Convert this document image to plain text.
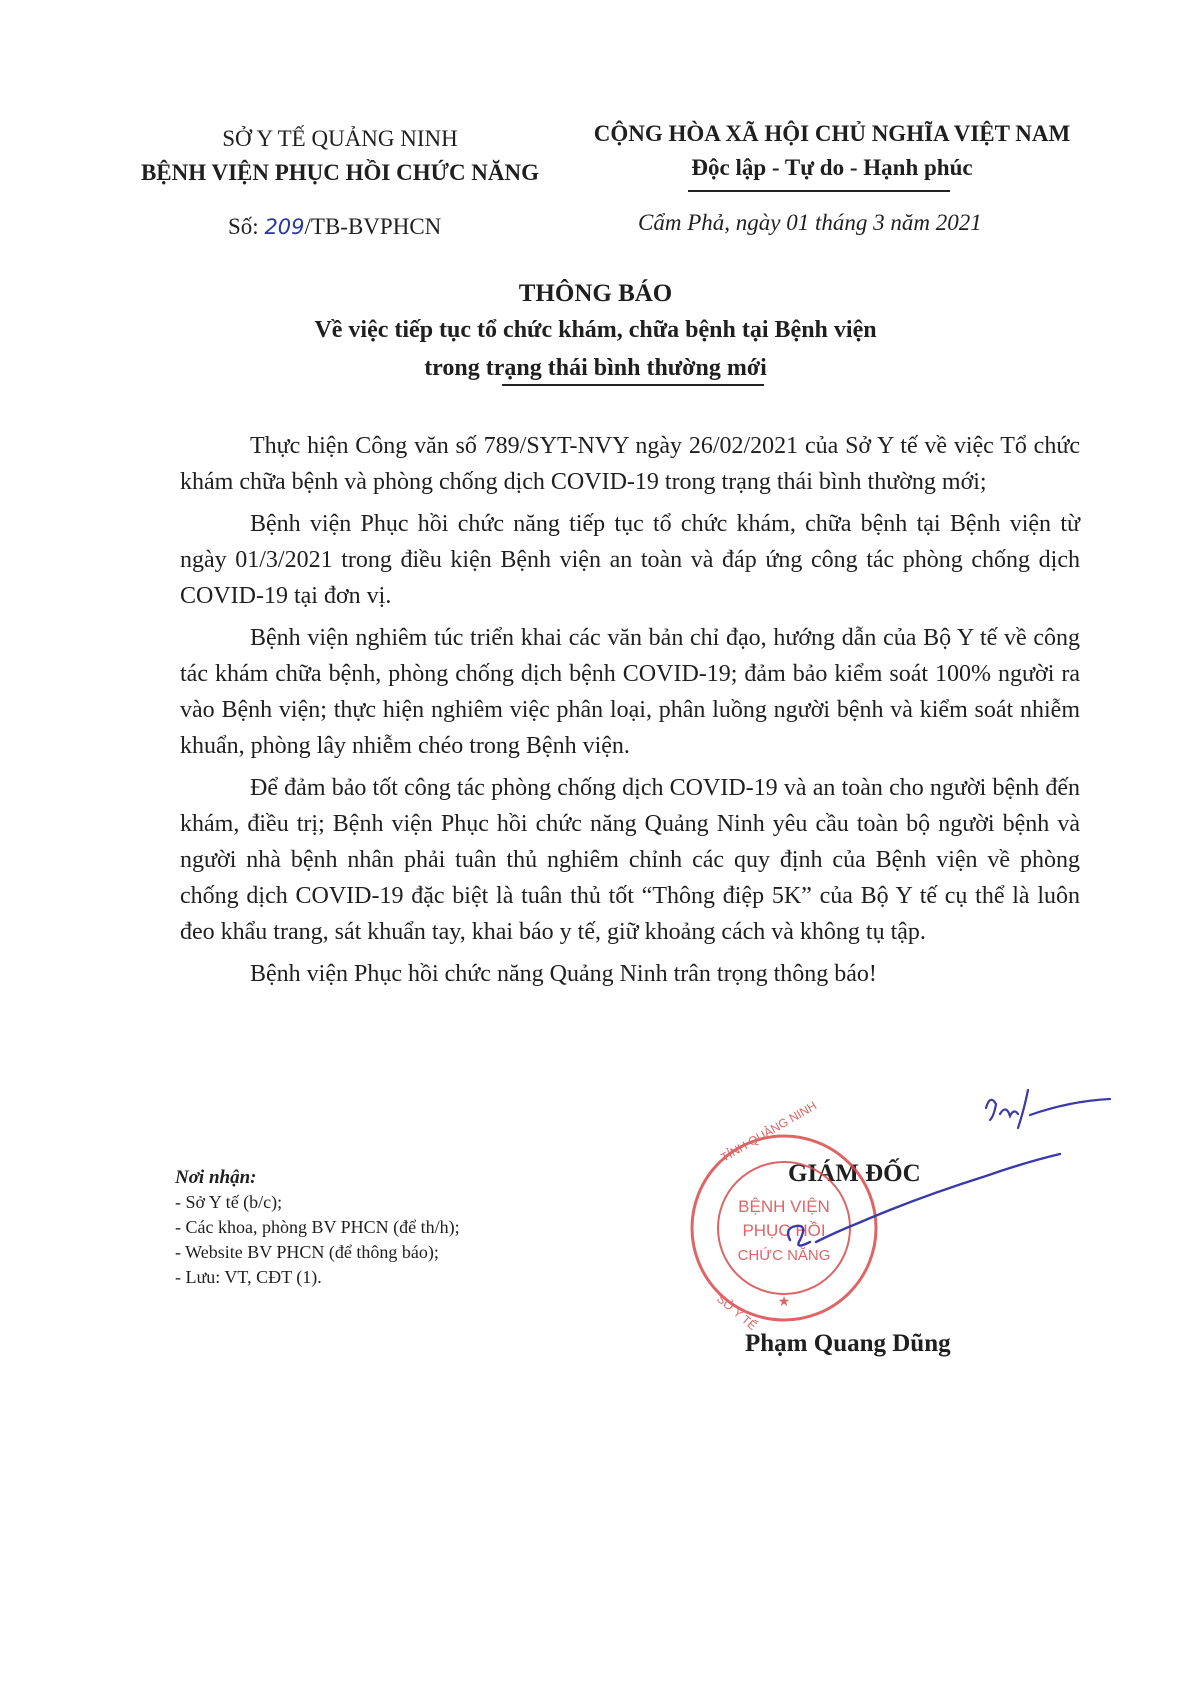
SỞ Y TẾ QUẢNG NINH
BỆNH VIỆN PHỤC HỒI CHỨC NĂNG
CỘNG HÒA XÃ HỘI CHỦ NGHĨA VIỆT NAM
Độc lập - Tự do - Hạnh phúc
Số: 209/TB-BVPHCN	Cẩm Phả, ngày 01 tháng 3 năm 2021
THÔNG BÁO
Về việc tiếp tục tổ chức khám, chữa bệnh tại Bệnh viện
trong trạng thái bình thường mới

Thực hiện Công văn số 789/SYT-NVY ngày 26/02/2021 của Sở Y tế về việc Tổ chức khám chữa bệnh và phòng chống dịch COVID-19 trong trạng thái bình thường mới;

Bệnh viện Phục hồi chức năng tiếp tục tổ chức khám, chữa bệnh tại Bệnh viện từ ngày 01/3/2021 trong điều kiện Bệnh viện an toàn và đáp ứng công tác phòng chống dịch COVID-19 tại đơn vị.

Bệnh viện nghiêm túc triển khai các văn bản chỉ đạo, hướng dẫn của Bộ Y tế về công tác khám chữa bệnh, phòng chống dịch bệnh COVID-19; đảm bảo kiểm soát 100% người ra vào Bệnh viện; thực hiện nghiêm việc phân loại, phân luồng người bệnh và kiểm soát nhiễm khuẩn, phòng lây nhiễm chéo trong Bệnh viện.

Để đảm bảo tốt công tác phòng chống dịch COVID-19 và an toàn cho người bệnh đến khám, điều trị; Bệnh viện Phục hồi chức năng Quảng Ninh yêu cầu toàn bộ người bệnh và người nhà bệnh nhân phải tuân thủ nghiêm chỉnh các quy định của Bệnh viện về phòng chống dịch COVID-19 đặc biệt là tuân thủ tốt “Thông điệp 5K” của Bộ Y tế cụ thể là luôn đeo khẩu trang, sát khuẩn tay, khai báo y tế, giữ khoảng cách và không tụ tập.

Bệnh viện Phục hồi chức năng Quảng Ninh trân trọng thông báo!

Nơi nhận:
- Sở Y tế (b/c);
- Các khoa, phòng BV PHCN (để th/h);
- Website BV PHCN (để thông báo);
- Lưu: VT, CĐT (1).
GIÁM ĐỐC
Phạm Quang Dũng
BỆNH VIỆN
PHỤC HỒI
CHỨC NĂNG
★
TỈNH QUẢNG NINH
SỞ Y TẾ
